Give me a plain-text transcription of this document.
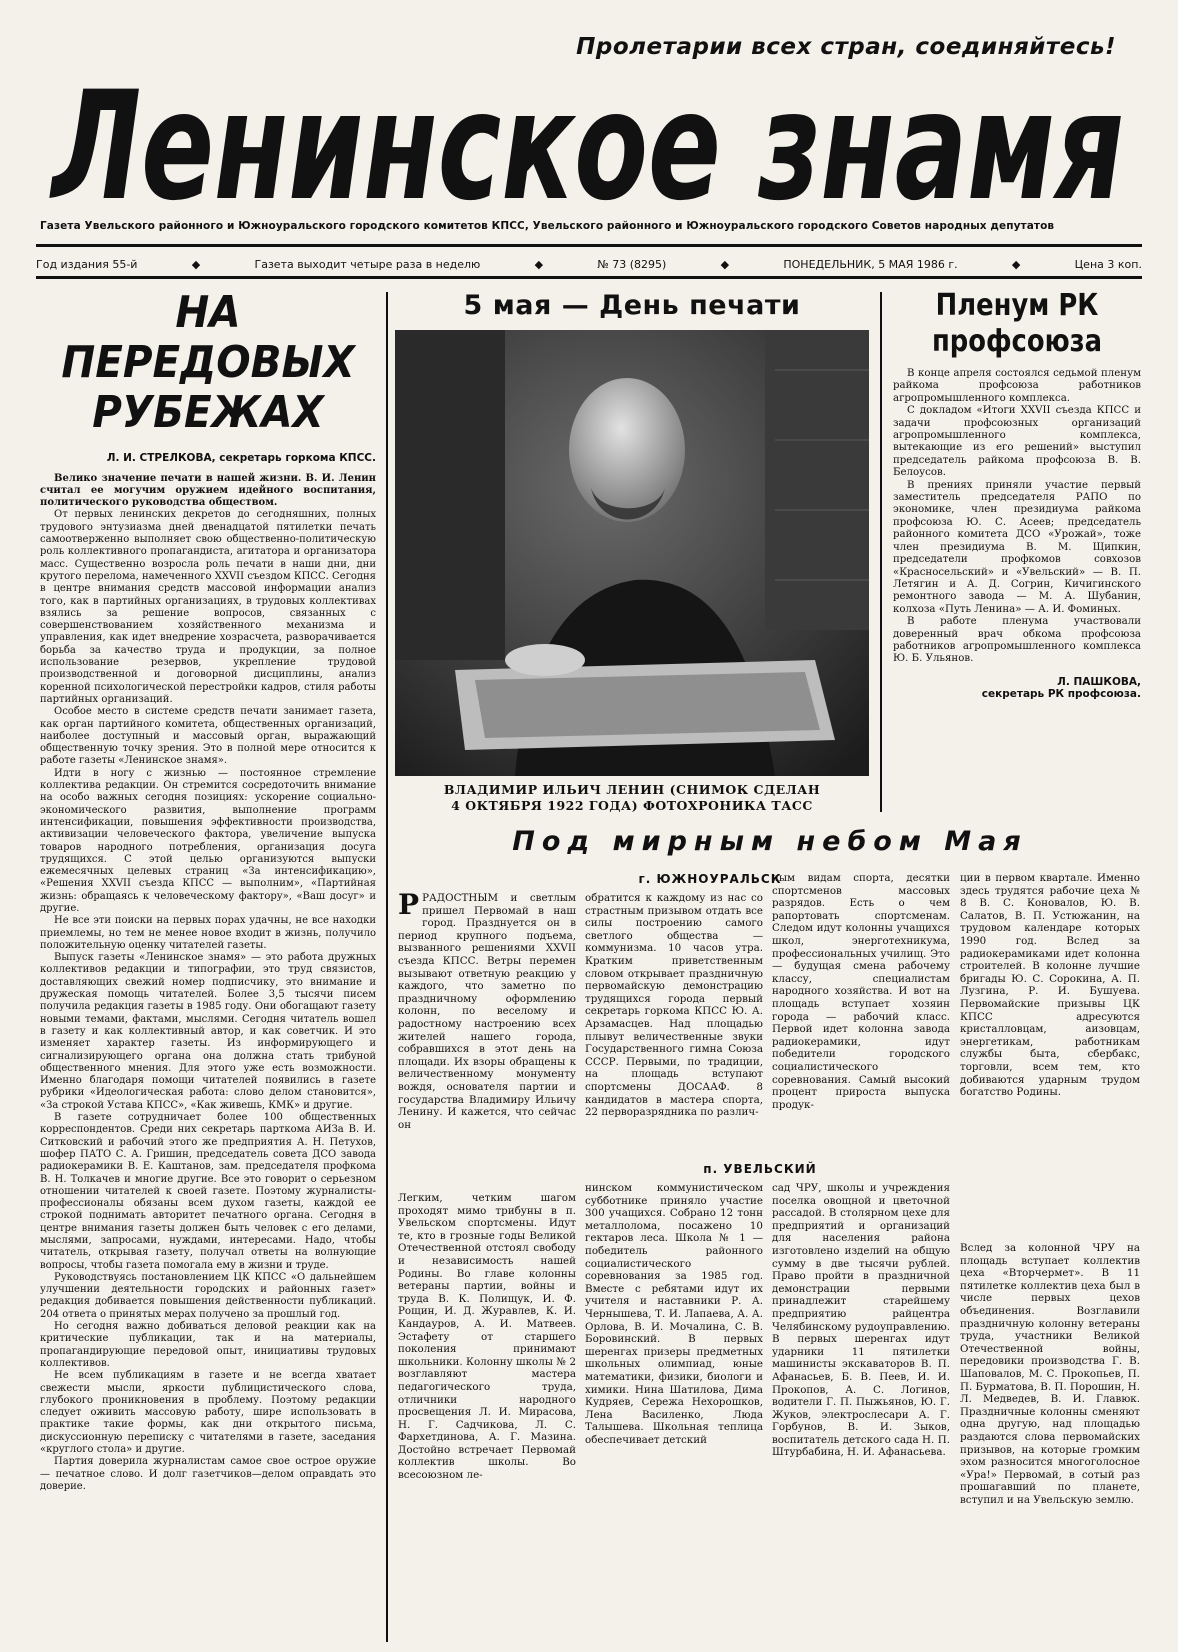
Пролетарии всех стран, соединяйтесь!
Ленинское знамя
Газета Увельского районного и Южноуральского городского комитетов КПСС, Увельского районного и Южноуральского городского Советов народных депутатов
Год издания 55-й	◆	Газета выходит четыре раза в неделю	◆	№ 73 (8295)	◆	ПОНЕДЕЛЬНИК, 5 МАЯ 1986 г.	◆	Цена 3 коп.
НА ПЕРЕДОВЫХ
РУБЕЖАХ
Л. И. СТРЕЛКОВА, секретарь горкома КПСС.

Велико значение печати в нашей жизни. В. И. Ленин считал ее могучим оружием идейного воспитания, политического руководства обществом.

От первых ленинских декретов до сегодняшних, полных трудового энтузиазма дней двенадцатой пятилетки печать самоотверженно выполняет свою общественно-политическую роль коллективного пропагандиста, агитатора и организатора масс. Существенно возросла роль печати в наши дни, дни крутого перелома, намеченного XXVII съездом КПСС. Сегодня в центре внимания средств массовой информации анализ того, как в партийных организациях, в трудовых коллективах взялись за решение вопросов, связанных с совершенствованием хозяйственного механизма и управления, как идет внедрение хозрасчета, разворачивается борьба за качество труда и продукции, за полное использование резервов, укрепление трудовой производственной и договорной дисциплины, анализ коренной психологической перестройки кадров, стиля работы партийных организаций.

Особое место в системе средств печати занимает газета, как орган партийного комитета, общественных организаций, наиболее доступный и массовый орган, выражающий общественную точку зрения. Это в полной мере относится к работе газеты «Ленинское знамя».

Идти в ногу с жизнью — постоянное стремление коллектива редакции. Он стремится сосредоточить внимание на особо важных сегодня позициях: ускорение социально-экономического развития, выполнение программ интенсификации, повышения эффективности производства, активизации человеческого фактора, увеличение выпуска товаров народного потребления, организация досуга трудящихся. С этой целью организуются выпуски ежемесячных целевых страниц «За интенсификацию», «Решения XXVII съезда КПСС — выполним», «Партийная жизнь: обращаясь к человеческому фактору», «Ваш досуг» и другие.

Не все эти поиски на первых порах удачны, не все находки приемлемы, но тем не менее новое входит в жизнь, получило положительную оценку читателей газеты.

Выпуск газеты «Ленинское знамя» — это работа дружных коллективов редакции и типографии, это труд связистов, доставляющих свежий номер подписчику, это внимание и дружеская помощь читателей. Более 3,5 тысячи писем получила редакция газеты в 1985 году. Они обогащают газету новыми темами, фактами, мыслями. Сегодня читатель вошел в газету и как коллективный автор, и как советчик. И это изменяет характер газеты. Из информирующего и сигнализирующего органа она должна стать трибуной общественного мнения. Для этого уже есть возможности. Именно благодаря помощи читателей появились в газете рубрики «Идеологическая работа: слово делом становится», «За строкой Устава КПСС», «Как живешь, КМК» и другие.

В газете сотрудничает более 100 общественных корреспондентов. Среди них секретарь парткома АИЗа В. И. Ситковский и рабочий этого же предприятия А. Н. Петухов, шофер ПАТО С. А. Гришин, председатель совета ДСО завода радиокерамики В. Е. Каштанов, зам. председателя профкома В. Н. Толкачев и многие другие. Все это говорит о серьезном отношении читателей к своей газете. Поэтому журналисты-профессионалы обязаны всем духом газеты, каждой ее строкой поднимать авторитет печатного органа. Сегодня в центре внимания газеты должен быть человек с его делами, мыслями, запросами, нуждами, интересами. Надо, чтобы читатель, открывая газету, получал ответы на волнующие вопросы, чтобы газета помогала ему в жизни и труде.

Руководствуясь постановлением ЦК КПСС «О дальнейшем улучшении деятельности городских и районных газет» редакция добивается повышения действенности публикаций. 204 ответа о принятых мерах получено за прошлый год.

Но сегодня важно добиваться деловой реакции как на критические публикации, так и на материалы, пропагандирующие передовой опыт, инициативы трудовых коллективов.

Не всем публикациям в газете и не всегда хватает свежести мысли, яркости публицистического слова, глубокого проникновения в проблему. Поэтому редакции следует оживить массовую работу, шире использовать в практике такие формы, как дни открытого письма, дискуссионную переписку с читателями в газете, заседания «круглого стола» и другие.

Партия доверила журналистам самое свое острое оружие — печатное слово. И долг газетчиков—делом оправдать это доверие.

5 мая — День печати
ВЛАДИМИР ИЛЬИЧ ЛЕНИН (СНИМОК СДЕЛАН
4 ОКТЯБРЯ 1922 ГОДА) ФОТОХРОНИКА ТАСС
Пленум РК
профсоюза

В конце апреля состоялся седьмой пленум райкома профсоюза работников агропромышленного комплекса.

С докладом «Итоги XXVII съезда КПСС и задачи профсоюзных организаций агропромышленного комплекса, вытекающие из его решений» выступил председатель райкома профсоюза В. В. Белоусов.

В прениях приняли участие первый заместитель председателя РАПО по экономике, член президиума райкома профсоюза Ю. С. Асеев; председатель районного комитета ДСО «Урожай», тоже член президиума В. М. Щипкин, председатели профкомов совхозов «Красносельский» и «Увельский» — В. П. Летягин и А. Д. Согрин, Кичигинского ремонтного завода — М. А. Шубанин, колхоза «Путь Ленина» — А. И. Фоминых.

В работе пленума участвовали доверенный врач обкома профсоюза работников агропромышленного комплекса Ю. Б. Ульянов.

Л. ПАШКОВА,
секретарь РК профсоюза.
Под мирным небом Мая
г. ЮЖНОУРАЛЬСК
РРАДОСТНЫМ и светлым пришел Первомай в наш город. Празднуется он в период крупного подъема, вызванного решениями XXVII съезда КПСС. Ветры перемен вызывают ответную реакцию у каждого, что заметно по праздничному оформлению колонн, по веселому и радостному настроению всех жителей нашего города, собравшихся в этот день на площади. Их взоры обращены к величественному монументу вождя, основателя партии и государства Владимиру Ильичу Ленину. И кажется, что сейчас он
обратится к каждому из нас со страстным призывом отдать все силы построению самого светлого общества — коммунизма. 10 часов утра. Кратким приветственным словом открывает праздничную первомайскую демонстрацию трудящихся города первый секретарь горкома КПСС Ю. А. Арзамасцев. Над площадью плывут величественные звуки Государственного гимна Союза СССР. Первыми, по традиции, на площадь вступают спортсмены ДОСААФ. 8 кандидатов в мастера спорта, 22 перворазрядника по различ-
ным видам спорта, десятки спортсменов массовых разрядов. Есть о чем рапортовать спортсменам. Следом идут колонны учащихся школ, энерготехникума, профессиональных училищ. Это — будущая смена рабочему классу, специалистам народного хозяйства. И вот на площадь вступает хозяин города — рабочий класс. Первой идет колонна завода радиокерамики, идут победители городского социалистического соревнования. Самый высокий процент прироста выпуска продук-
ции в первом квартале. Именно здесь трудятся рабочие цеха № 8 В. С. Коновалов, Ю. В. Салатов, В. П. Устюжанин, на трудовом календаре которых 1990 год. Вслед за радиокерамиками идет колонна строителей. В колонне лучшие бригады Ю. С. Сорокина, А. П. Лузгина, Р. И. Бушуева. Первомайские призывы ЦК КПСС адресуются кристалловцам, аизовцам, энергетикам, работникам службы быта, сбербакс, торговли, всем тем, кто добиваются ударным трудом богатство Родины.
п. УВЕЛЬСКИЙ
Легким, четким шагом проходят мимо трибуны в п. Увельском спортсмены. Идут те, кто в грозные годы Великой Отечественной отстоял свободу и независимость нашей Родины. Во главе колонны ветераны партии, войны и труда В. К. Полищук, И. Ф. Рощин, И. Д. Журавлев, К. И. Кандауров, А. И. Матвеев. Эстафету от старшего поколения принимают школьники. Колонну школы № 2 возглавляют мастера педагогического труда, отличники народного просвещения Л. И. Мирасова, Н. Г. Садчикова, Л. С. Фархетдинова, А. Г. Мазина. Достойно встречает Первомай коллектив школы. Во всесоюзном ле-
нинском коммунистическом субботнике приняло участие 300 учащихся. Собрано 12 тонн металлолома, посажено 10 гектаров леса. Школа № 1 — победитель районного социалистического соревнования за 1985 год. Вместе с ребятами идут их учителя и наставники Р. А. Чернышева, Т. И. Лапаева, А. А. Орлова, В. И. Мочалина, С. В. Боровинский. В первых шеренгах призеры предметных школьных олимпиад, юные математики, физики, биологи и химики. Нина Шатилова, Дима Кудряев, Сережа Нехорошков, Лена Василенко, Люда Талышева. Школьная теплица обеспечивает детский
сад ЧРУ, школы и учреждения поселка овощной и цветочной рассадой. В столярном цехе для предприятий и организаций для населения района изготовлено изделий на общую сумму в две тысячи рублей. Право пройти в праздничной демонстрации первыми принадлежит старейшему предприятию райцентра Челябинскому рудоуправлению. В первых шеренгах идут ударники 11 пятилетки машинисты экскаваторов В. П. Афанасьев, Б. В. Пеев, И. И. Прокопов, А. С. Логинов, водители Г. П. Пыжьянов, Ю. Г. Жуков, электрослесари А. Г. Горбунов, В. И. Зыков, воспитатель детского сада Н. П. Штурбабина, Н. И. Афанасьева.
Вслед за колонной ЧРУ на площадь вступает коллектив цеха «Вторчермет». В 11 пятилетке коллектив цеха был в числе первых цехов объединения. Возглавили праздничную колонну ветераны труда, участники Великой Отечественной войны, передовики производства Г. В. Шаповалов, М. С. Прокопьев, П. П. Бурматова, В. П. Порошин, Н. Л. Медведев, В. И. Главюк. Праздничные колонны сменяют одна другую, над площадью раздаются слова первомайских призывов, на которые громким эхом разносится многоголосное «Ура!» Первомай, в сотый раз прошагавший по планете, вступил и на Увельскую землю.
